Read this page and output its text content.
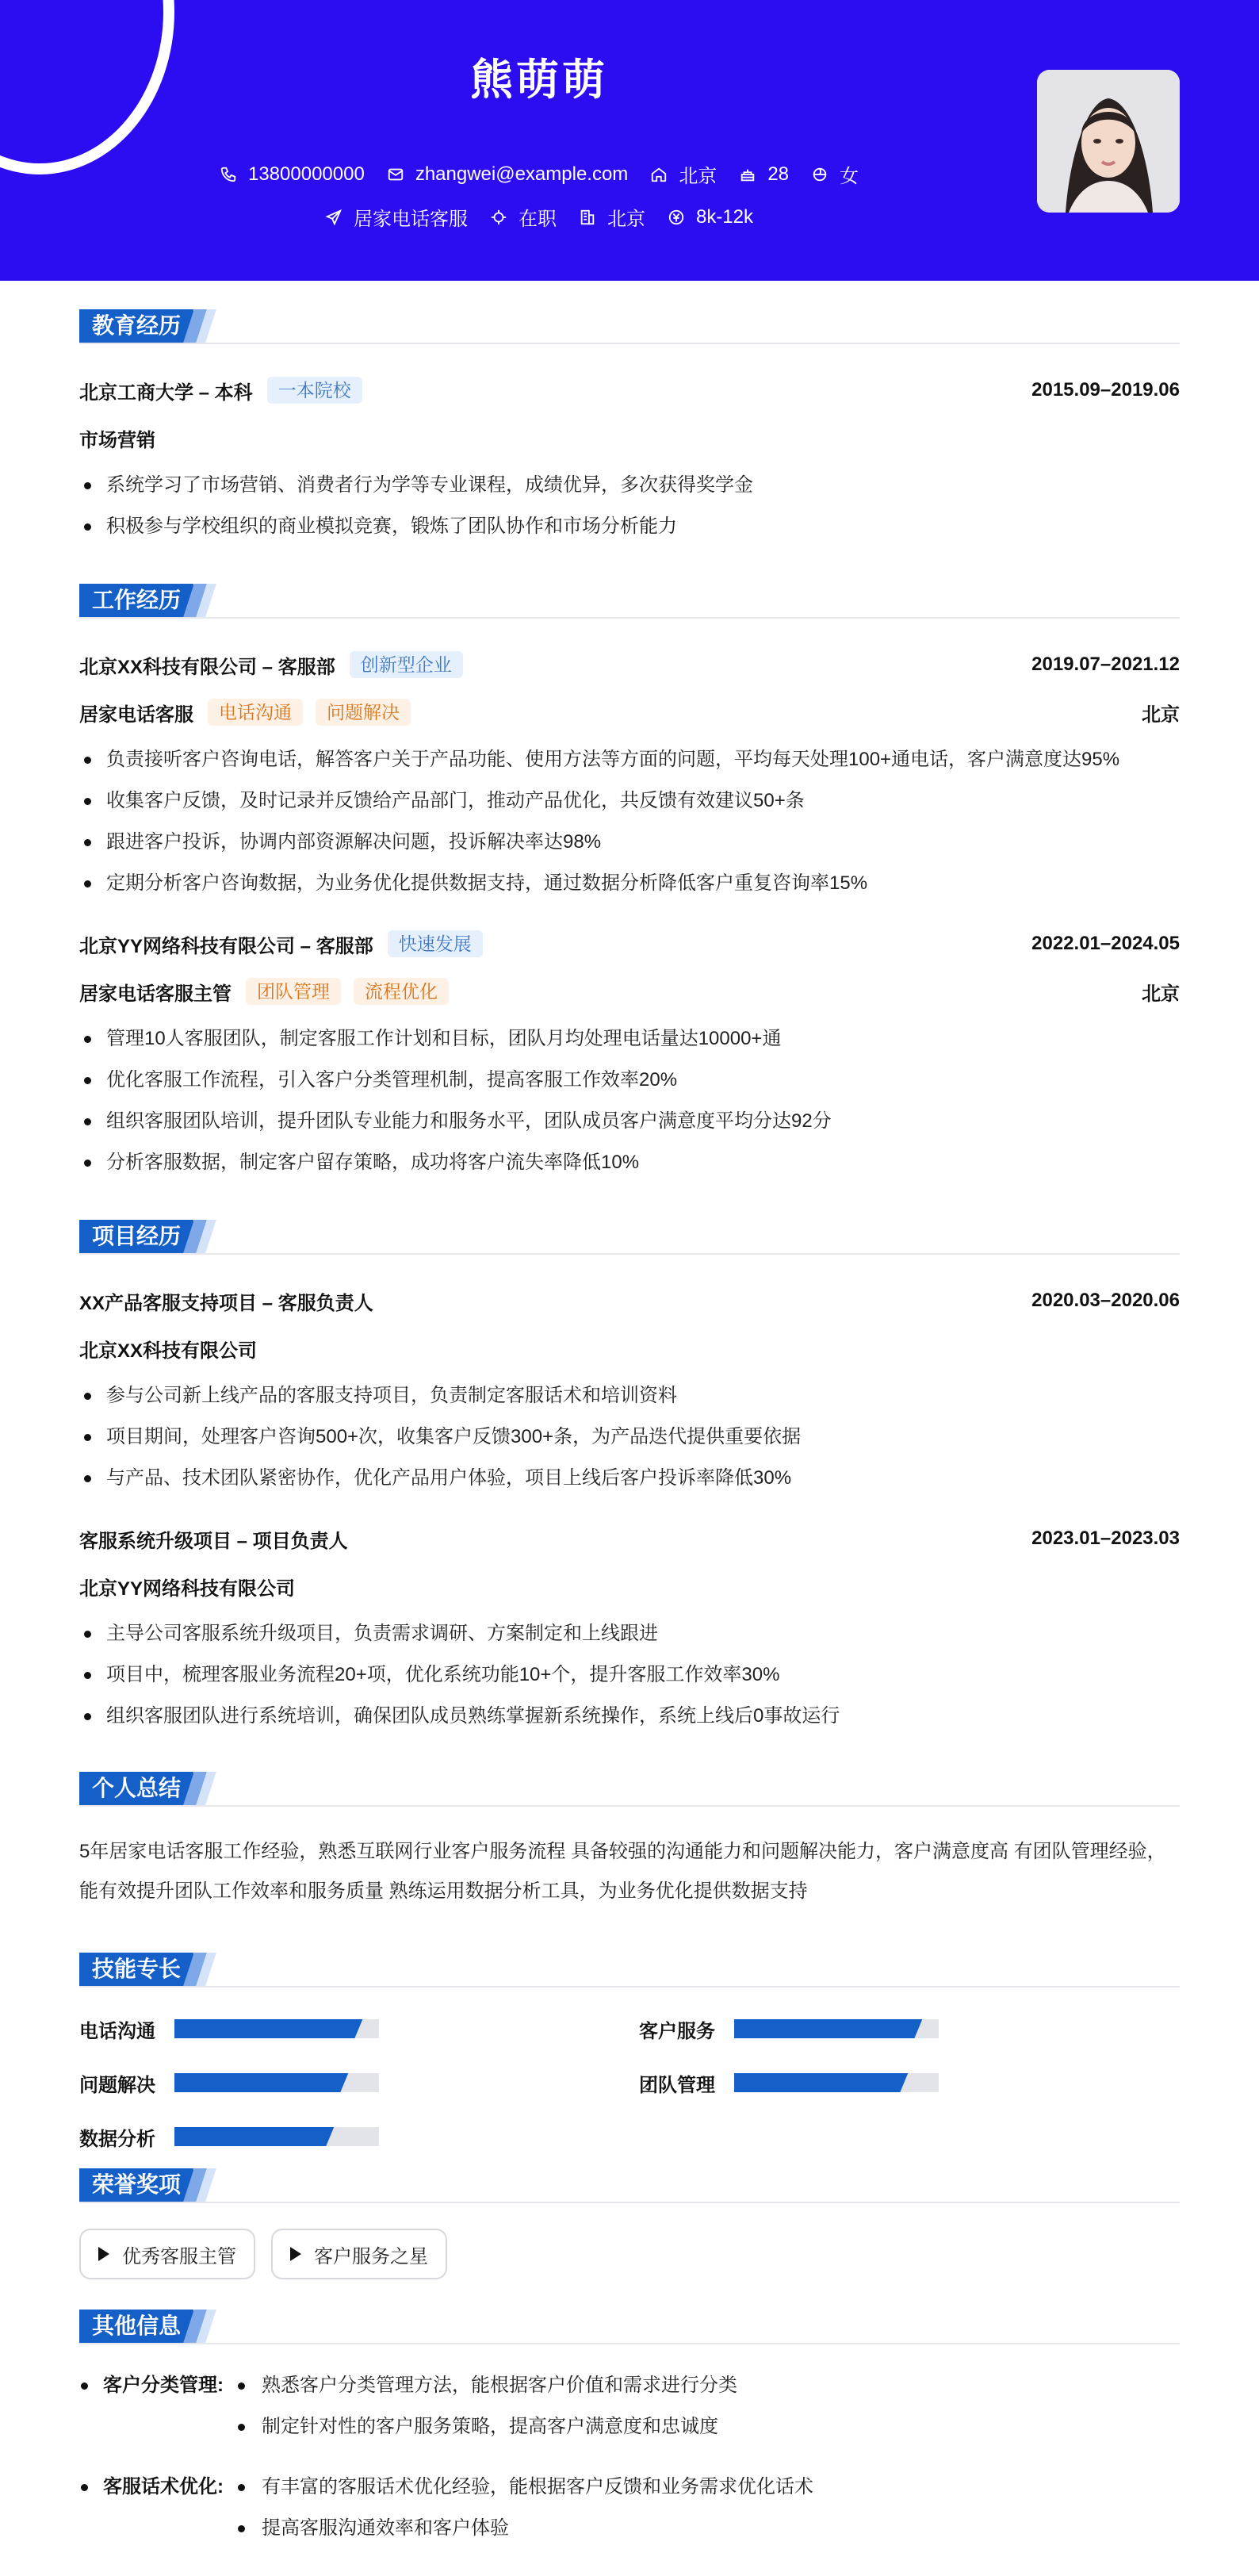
熊萌萌
13800000000	zhangwei@example.com	北京	28	女
居家电话客服	在职	北京	8k-12k
教育经历
北京工商大学 – 本科	一本院校	2015.09–2019.06
市场营销
系统学习了市场营销、消费者行为学等专业课程，成绩优异，多次获得奖学金
积极参与学校组织的商业模拟竞赛，锻炼了团队协作和市场分析能力
工作经历
北京XX科技有限公司 – 客服部	创新型企业	2019.07–2021.12
居家电话客服	电话沟通	问题解决	北京
负责接听客户咨询电话，解答客户关于产品功能、使用方法等方面的问题，平均每天处理100+通电话，客户满意度达95%
收集客户反馈，及时记录并反馈给产品部门，推动产品优化，共反馈有效建议50+条
跟进客户投诉，协调内部资源解决问题，投诉解决率达98%
定期分析客户咨询数据，为业务优化提供数据支持，通过数据分析降低客户重复咨询率15%
北京YY网络科技有限公司 – 客服部	快速发展	2022.01–2024.05
居家电话客服主管	团队管理	流程优化	北京
管理10人客服团队，制定客服工作计划和目标，团队月均处理电话量达10000+通
优化客服工作流程，引入客户分类管理机制，提高客服工作效率20%
组织客服团队培训，提升团队专业能力和服务水平，团队成员客户满意度平均分达92分
分析客服数据，制定客户留存策略，成功将客户流失率降低10%
项目经历
XX产品客服支持项目 – 客服负责人	2020.03–2020.06
北京XX科技有限公司
参与公司新上线产品的客服支持项目，负责制定客服话术和培训资料
项目期间，处理客户咨询500+次，收集客户反馈300+条，为产品迭代提供重要依据
与产品、技术团队紧密协作，优化产品用户体验，项目上线后客户投诉率降低30%
客服系统升级项目 – 项目负责人	2023.01–2023.03
北京YY网络科技有限公司
主导公司客服系统升级项目，负责需求调研、方案制定和上线跟进
项目中，梳理客服业务流程20+项，优化系统功能10+个，提升客服工作效率30%
组织客服团队进行系统培训，确保团队成员熟练掌握新系统操作，系统上线后0事故运行
个人总结
5年居家电话客服工作经验，熟悉互联网行业客户服务流程 具备较强的沟通能力和问题解决能力，客户满意度高 有团队管理经验，
能有效提升团队工作效率和服务质量 熟练运用数据分析工具，为业务优化提供数据支持
技能专长
电话沟通	客户服务
问题解决	团队管理
数据分析
荣誉奖项
优秀客服主管	客户服务之星
其他信息
客户分类管理:	熟悉客户分类管理方法，能根据客户价值和需求进行分类
制定针对性的客户服务策略，提高客户满意度和忠诚度
客服话术优化:	有丰富的客服话术优化经验，能根据客户反馈和业务需求优化话术
提高客服沟通效率和客户体验
